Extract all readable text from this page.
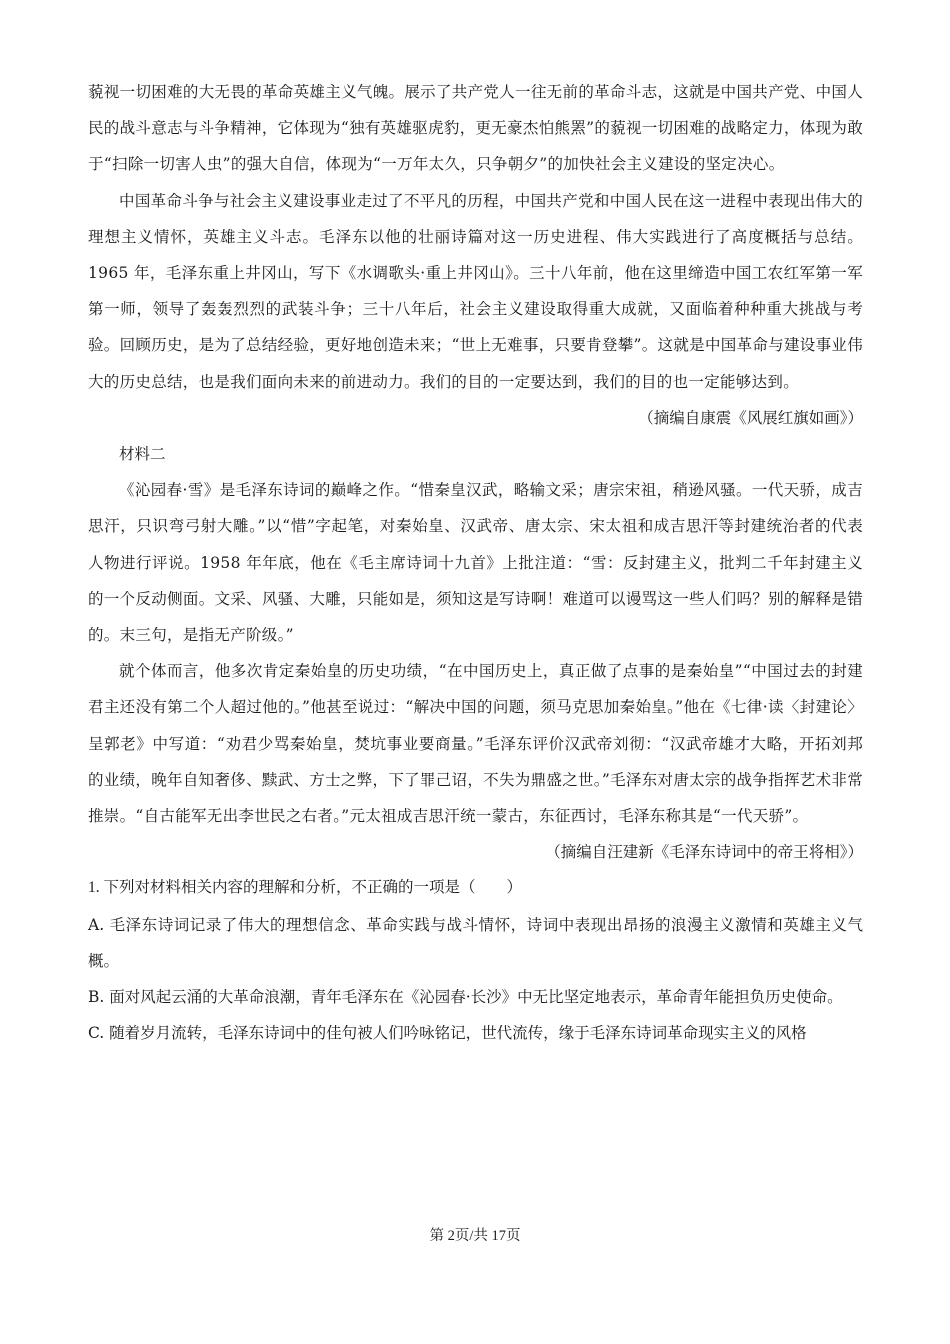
藐视一切困难的大无畏的革命英雄主义气魄。展示了共产党人一往无前的革命斗志，这就是中国共产党、中国人民的战斗意志与斗争精神，它体现为“独有英雄驱虎豹，更无豪杰怕熊罴”的藐视一切困难的战略定力，体现为敢于“扫除一切害人虫”的强大自信，体现为“一万年太久，只争朝夕”的加快社会主义建设的坚定决心。

中国革命斗争与社会主义建设事业走过了不平凡的历程，中国共产党和中国人民在这一进程中表现出伟大的理想主义情怀，英雄主义斗志。毛泽东以他的壮丽诗篇对这一历史进程、伟大实践进行了高度概括与总结。1965 年，毛泽东重上井冈山，写下《水调歌头·重上井冈山》。三十八年前，他在这里缔造中国工农红军第一军第一师，领导了轰轰烈烈的武装斗争；三十八年后，社会主义建设取得重大成就，又面临着种种重大挑战与考验。回顾历史，是为了总结经验，更好地创造未来；“世上无难事，只要肯登攀”。这就是中国革命与建设事业伟大的历史总结，也是我们面向未来的前进动力。我们的目的一定要达到，我们的目的也一定能够达到。

（摘编自康震《风展红旗如画》）

材料二

《沁园春·雪》是毛泽东诗词的巅峰之作。“惜秦皇汉武，略输文采；唐宗宋祖，稍逊风骚。一代天骄，成吉思汗，只识弯弓射大雕。”以“惜”字起笔，对秦始皇、汉武帝、唐太宗、宋太祖和成吉思汗等封建统治者的代表人物进行评说。1958 年年底，他在《毛主席诗词十九首》上批注道：“雪：反封建主义，批判二千年封建主义的一个反动侧面。文采、风骚、大雕，只能如是，须知这是写诗啊！难道可以谩骂这一些人们吗？别的解释是错的。末三句，是指无产阶级。”

就个体而言，他多次肯定秦始皇的历史功绩，“在中国历史上，真正做了点事的是秦始皇”“中国过去的封建君主还没有第二个人超过他的。”他甚至说过：“解决中国的问题，须马克思加秦始皇。”他在《七律·读〈封建论〉呈郭老》中写道：“劝君少骂秦始皇，焚坑事业要商量。”毛泽东评价汉武帝刘彻：“汉武帝雄才大略，开拓刘邦的业绩，晚年自知奢侈、黩武、方士之弊，下了罪己诏，不失为鼎盛之世。”毛泽东对唐太宗的战争指挥艺术非常推崇。“自古能军无出李世民之右者。”元太祖成吉思汗统一蒙古，东征西讨，毛泽东称其是“一代天骄”。

（摘编自汪建新《毛泽东诗词中的帝王将相》）

1. 下列对材料相关内容的理解和分析，不正确的一项是（　　）

A. 毛泽东诗词记录了伟大的理想信念、革命实践与战斗情怀，诗词中表现出昂扬的浪漫主义激情和英雄主义气概。

B. 面对风起云涌的大革命浪潮，青年毛泽东在《沁园春·长沙》中无比坚定地表示，革命青年能担负历史使命。

C. 随着岁月流转，毛泽东诗词中的佳句被人们吟咏铭记，世代流传，缘于毛泽东诗词革命现实主义的风格

第 2页/共 17页
